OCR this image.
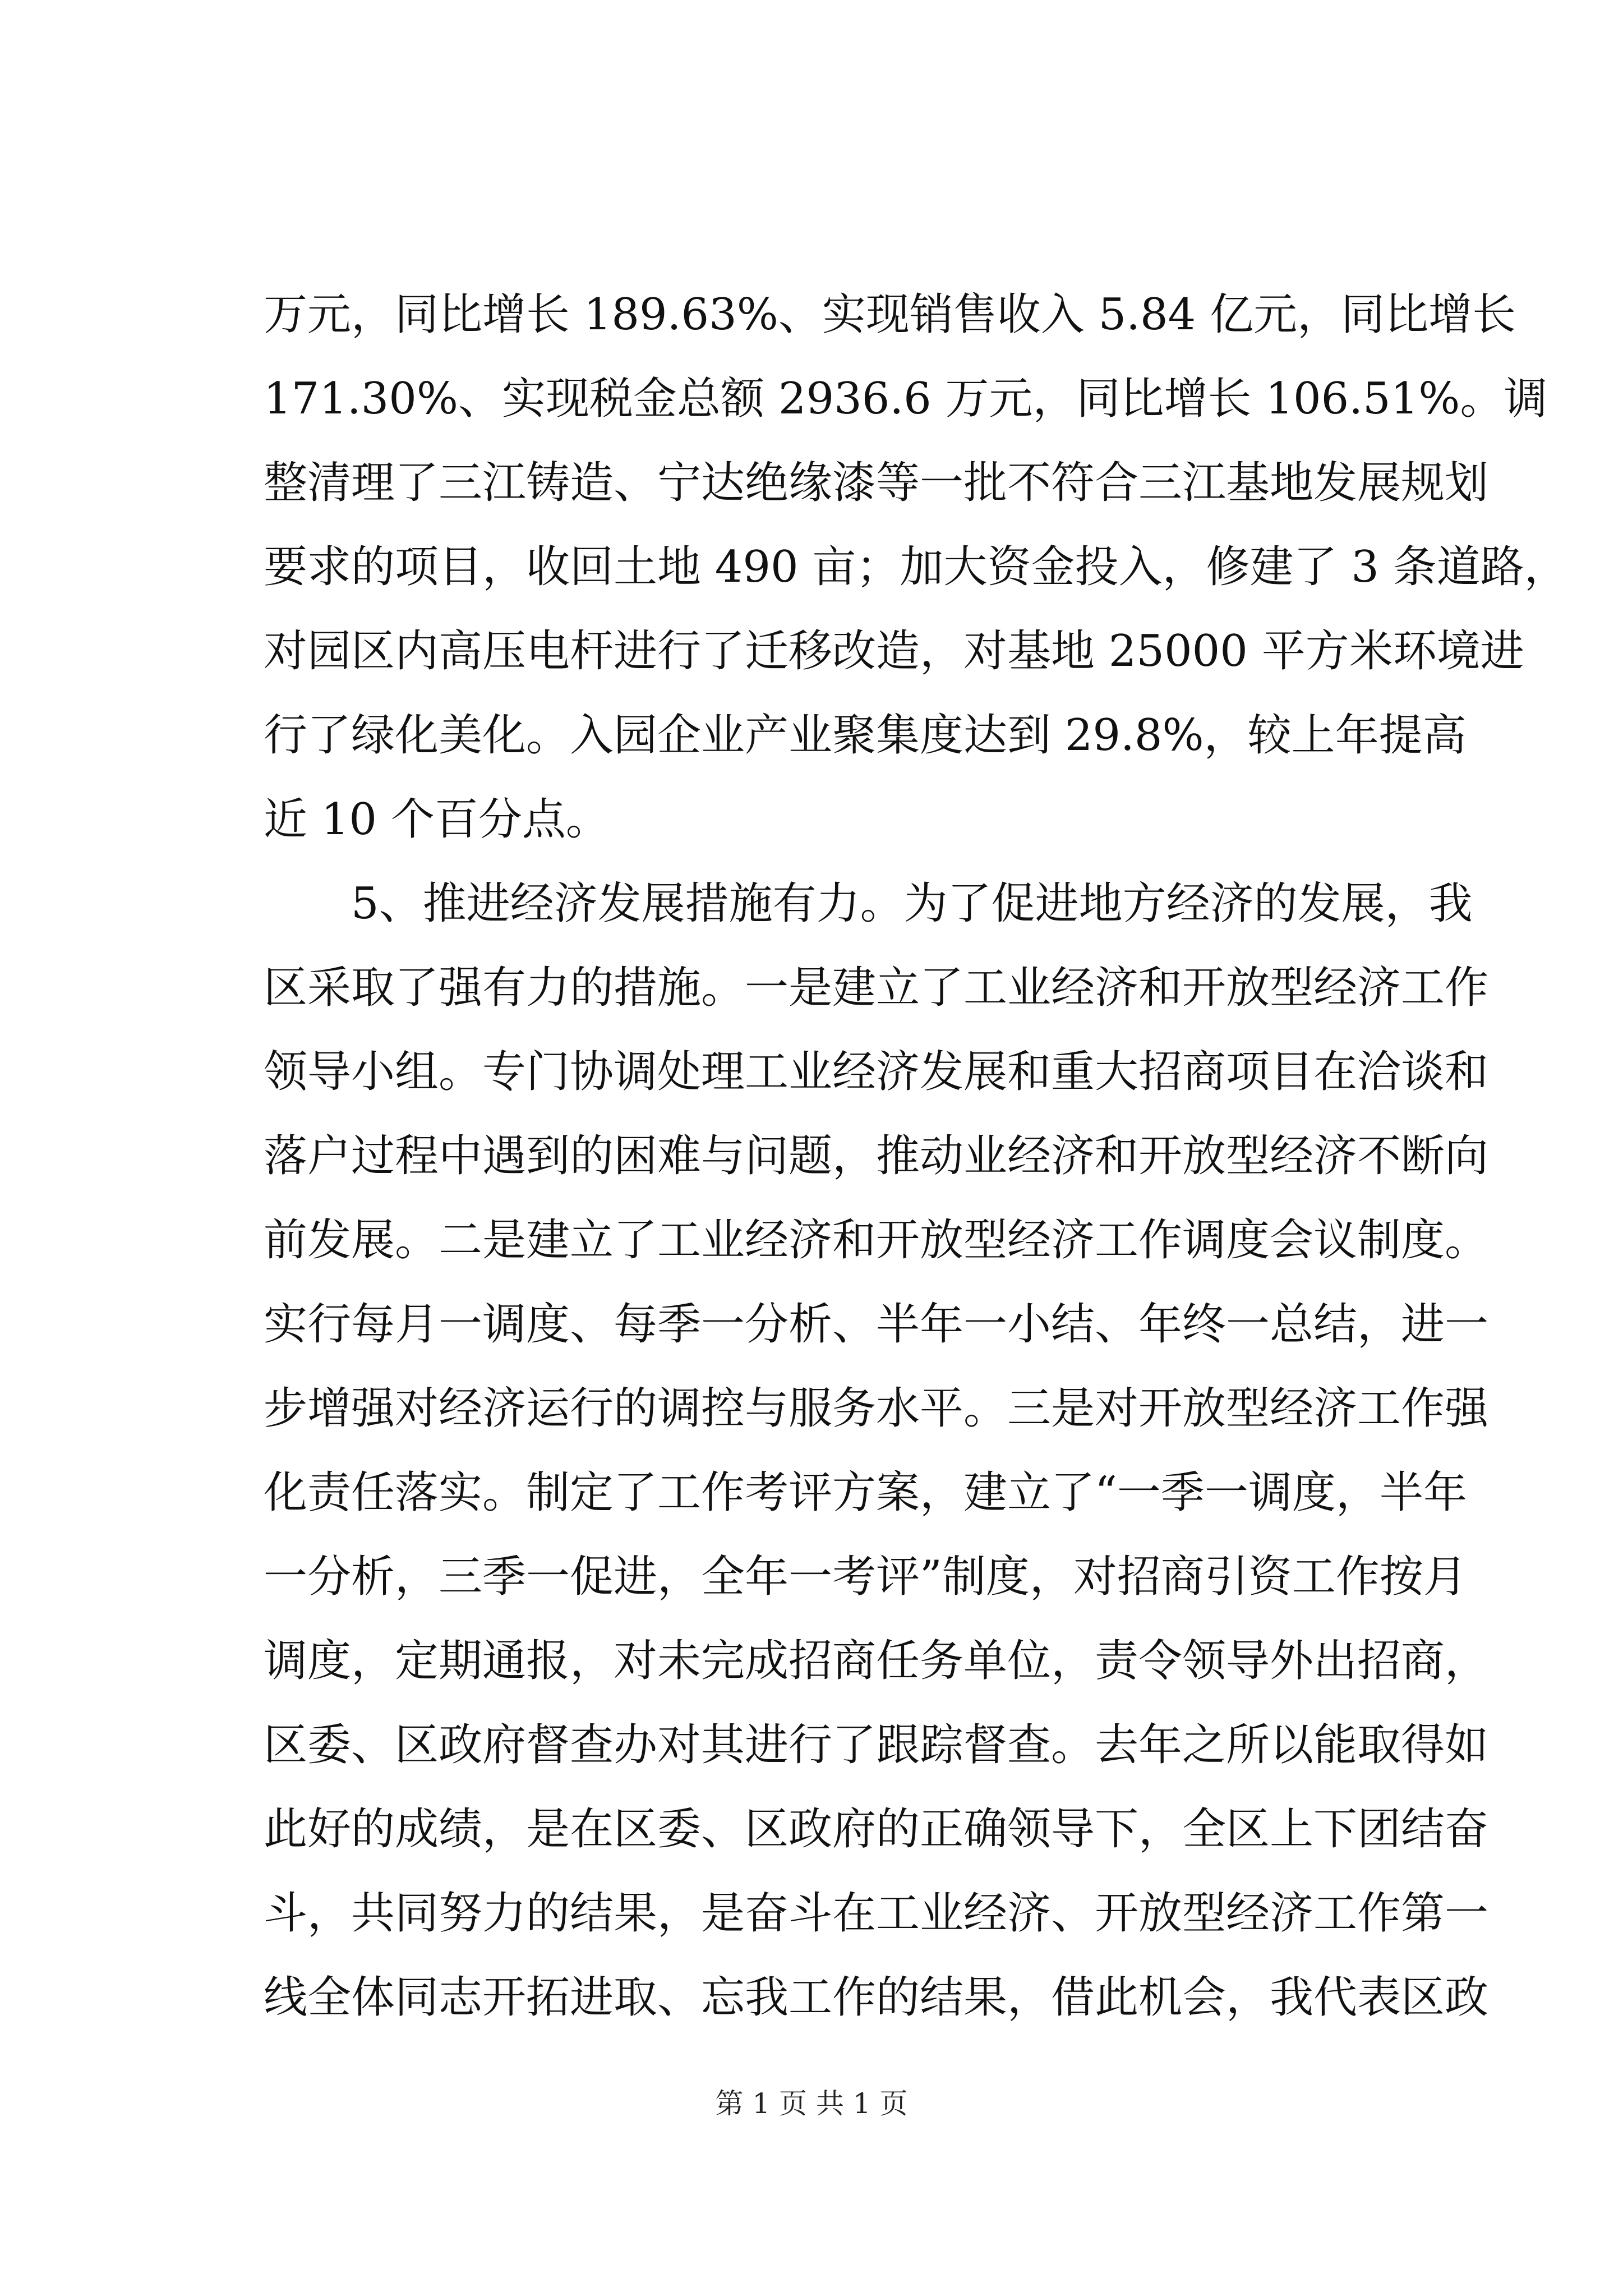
万元，同比增长 189.63%、实现销售收入 5.84 亿元，同比增长
171.30%、实现税金总额 2936.6 万元，同比增长 106.51%。调
整清理了三江铸造、宁达绝缘漆等一批不符合三江基地发展规划
要求的项目，收回土地 490 亩；加大资金投入，修建了 3 条道路，
对园区内高压电杆进行了迁移改造，对基地 25000 平方米环境进
行了绿化美化。入园企业产业聚集度达到 29.8%，较上年提高
近 10 个百分点。
　　5、推进经济发展措施有力。为了促进地方经济的发展，我
区采取了强有力的措施。一是建立了工业经济和开放型经济工作
领导小组。专门协调处理工业经济发展和重大招商项目在洽谈和
落户过程中遇到的困难与问题，推动业经济和开放型经济不断向
前发展。二是建立了工业经济和开放型经济工作调度会议制度。
实行每月一调度、每季一分析、半年一小结、年终一总结，进一
步增强对经济运行的调控与服务水平。三是对开放型经济工作强
化责任落实。制定了工作考评方案，建立了“一季一调度，半年
一分析，三季一促进，全年一考评”制度，对招商引资工作按月
调度，定期通报，对未完成招商任务单位，责令领导外出招商，
区委、区政府督查办对其进行了跟踪督查。去年之所以能取得如
此好的成绩，是在区委、区政府的正确领导下，全区上下团结奋
斗，共同努力的结果，是奋斗在工业经济、开放型经济工作第一
线全体同志开拓进取、忘我工作的结果，借此机会，我代表区政
第 1 页 共 1 页
